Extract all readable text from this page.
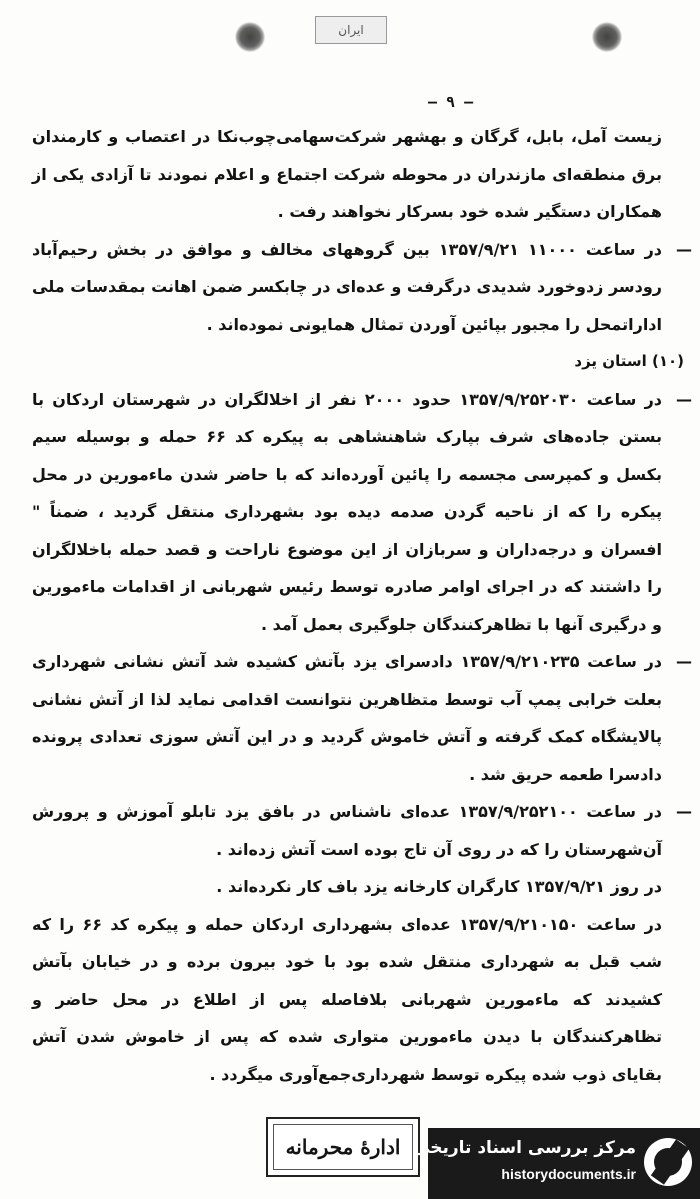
ایران
— ۹ —

زیست آمل، بابل، گرگان و بهشهر شرکت‌سهامی‌چوب‌نکا در اعتصاب و کارمندان برق منطقه‌ای مازندران در محوطه شرکت اجتماع و اعلام نمودند تا آزادی یکی از همکاران دستگیر شده خود بسرکار نخواهند رفت .

—
در ساعت ۱۱۰۰۰ ۱۳۵۷/۹/۲۱ بین گروههای مخالف و موافق در بخش رحیم‌آباد رودسر زدوخورد شدیدی درگرفت و عده‌ای در چابکسر ضمن اهانت بمقدسات ملی اداراتمحل را مجبور بپائین آوردن تمثال همایونی نموده‌اند .

(۱۰) استان یزد

—
در ساعت ۱۳۵۷/۹/۲۵۲۰۳۰ حدود ۲۰۰۰ نفر از اخلالگران در شهرستان اردکان با بستن جاده‌های شرف بپارک شاهنشاهی به پیکره کد ۶۶ حمله و بوسیله سیم بکسل و کمپرسی مجسمه را پائین آورده‌اند که با حاضر شدن ماءمورین در محل پیکره را که از ناحیه گردن صدمه دیده بود بشهرداری منتقل گردید ، ضمناً " افسران و درجه‌داران و سربازان از این موضوع ناراحت و قصد حمله باخلالگران را داشتند که در اجرای اوامر صادره توسط رئیس شهربانی از اقدامات ماءمورین و درگیری آنها با تظاهرکنندگان جلوگیری بعمل آمد .

—
در ساعت ۱۳۵۷/۹/۲۱۰۲۳۵ دادسرای یزد بآتش کشیده شد آتش نشانی شهرداری بعلت خرابی پمپ آب توسط متظاهرین نتوانست اقدامی نماید لذا از آتش نشانی پالایشگاه کمک گرفته و آتش خاموش گردید و در این آتش سوزی تعدادی پرونده دادسرا طعمه حریق شد .

—
در ساعت ۱۳۵۷/۹/۲۵۲۱۰۰ عده‌ای ناشناس در بافق یزد تابلو آموزش و پرورش آن‌شهرستان را که در روی آن تاج بوده است آتش زده‌اند .

در روز ۱۳۵۷/۹/۲۱ کارگران کارخانه یزد باف کار نکرده‌اند .

در ساعت ۱۳۵۷/۹/۲۱۰۱۵۰ عده‌ای بشهرداری اردکان حمله و پیکره کد ۶۶ را که شب قبل به شهرداری منتقل شده بود با خود بیرون برده و در خیابان بآتش کشیدند که ماءمورین شهربانی بلافاصله پس از اطلاع در محل حاضر و تظاهرکنندگان با دیدن ماءمورین متواری شده که پس از خاموش شدن آتش بقایای ذوب شده پیکره توسط شهرداری‌جمع‌آوری میگردد .

ادارهٔ محرمانه مرکز بررسی اسناد تاریخی
historydocuments.ir
